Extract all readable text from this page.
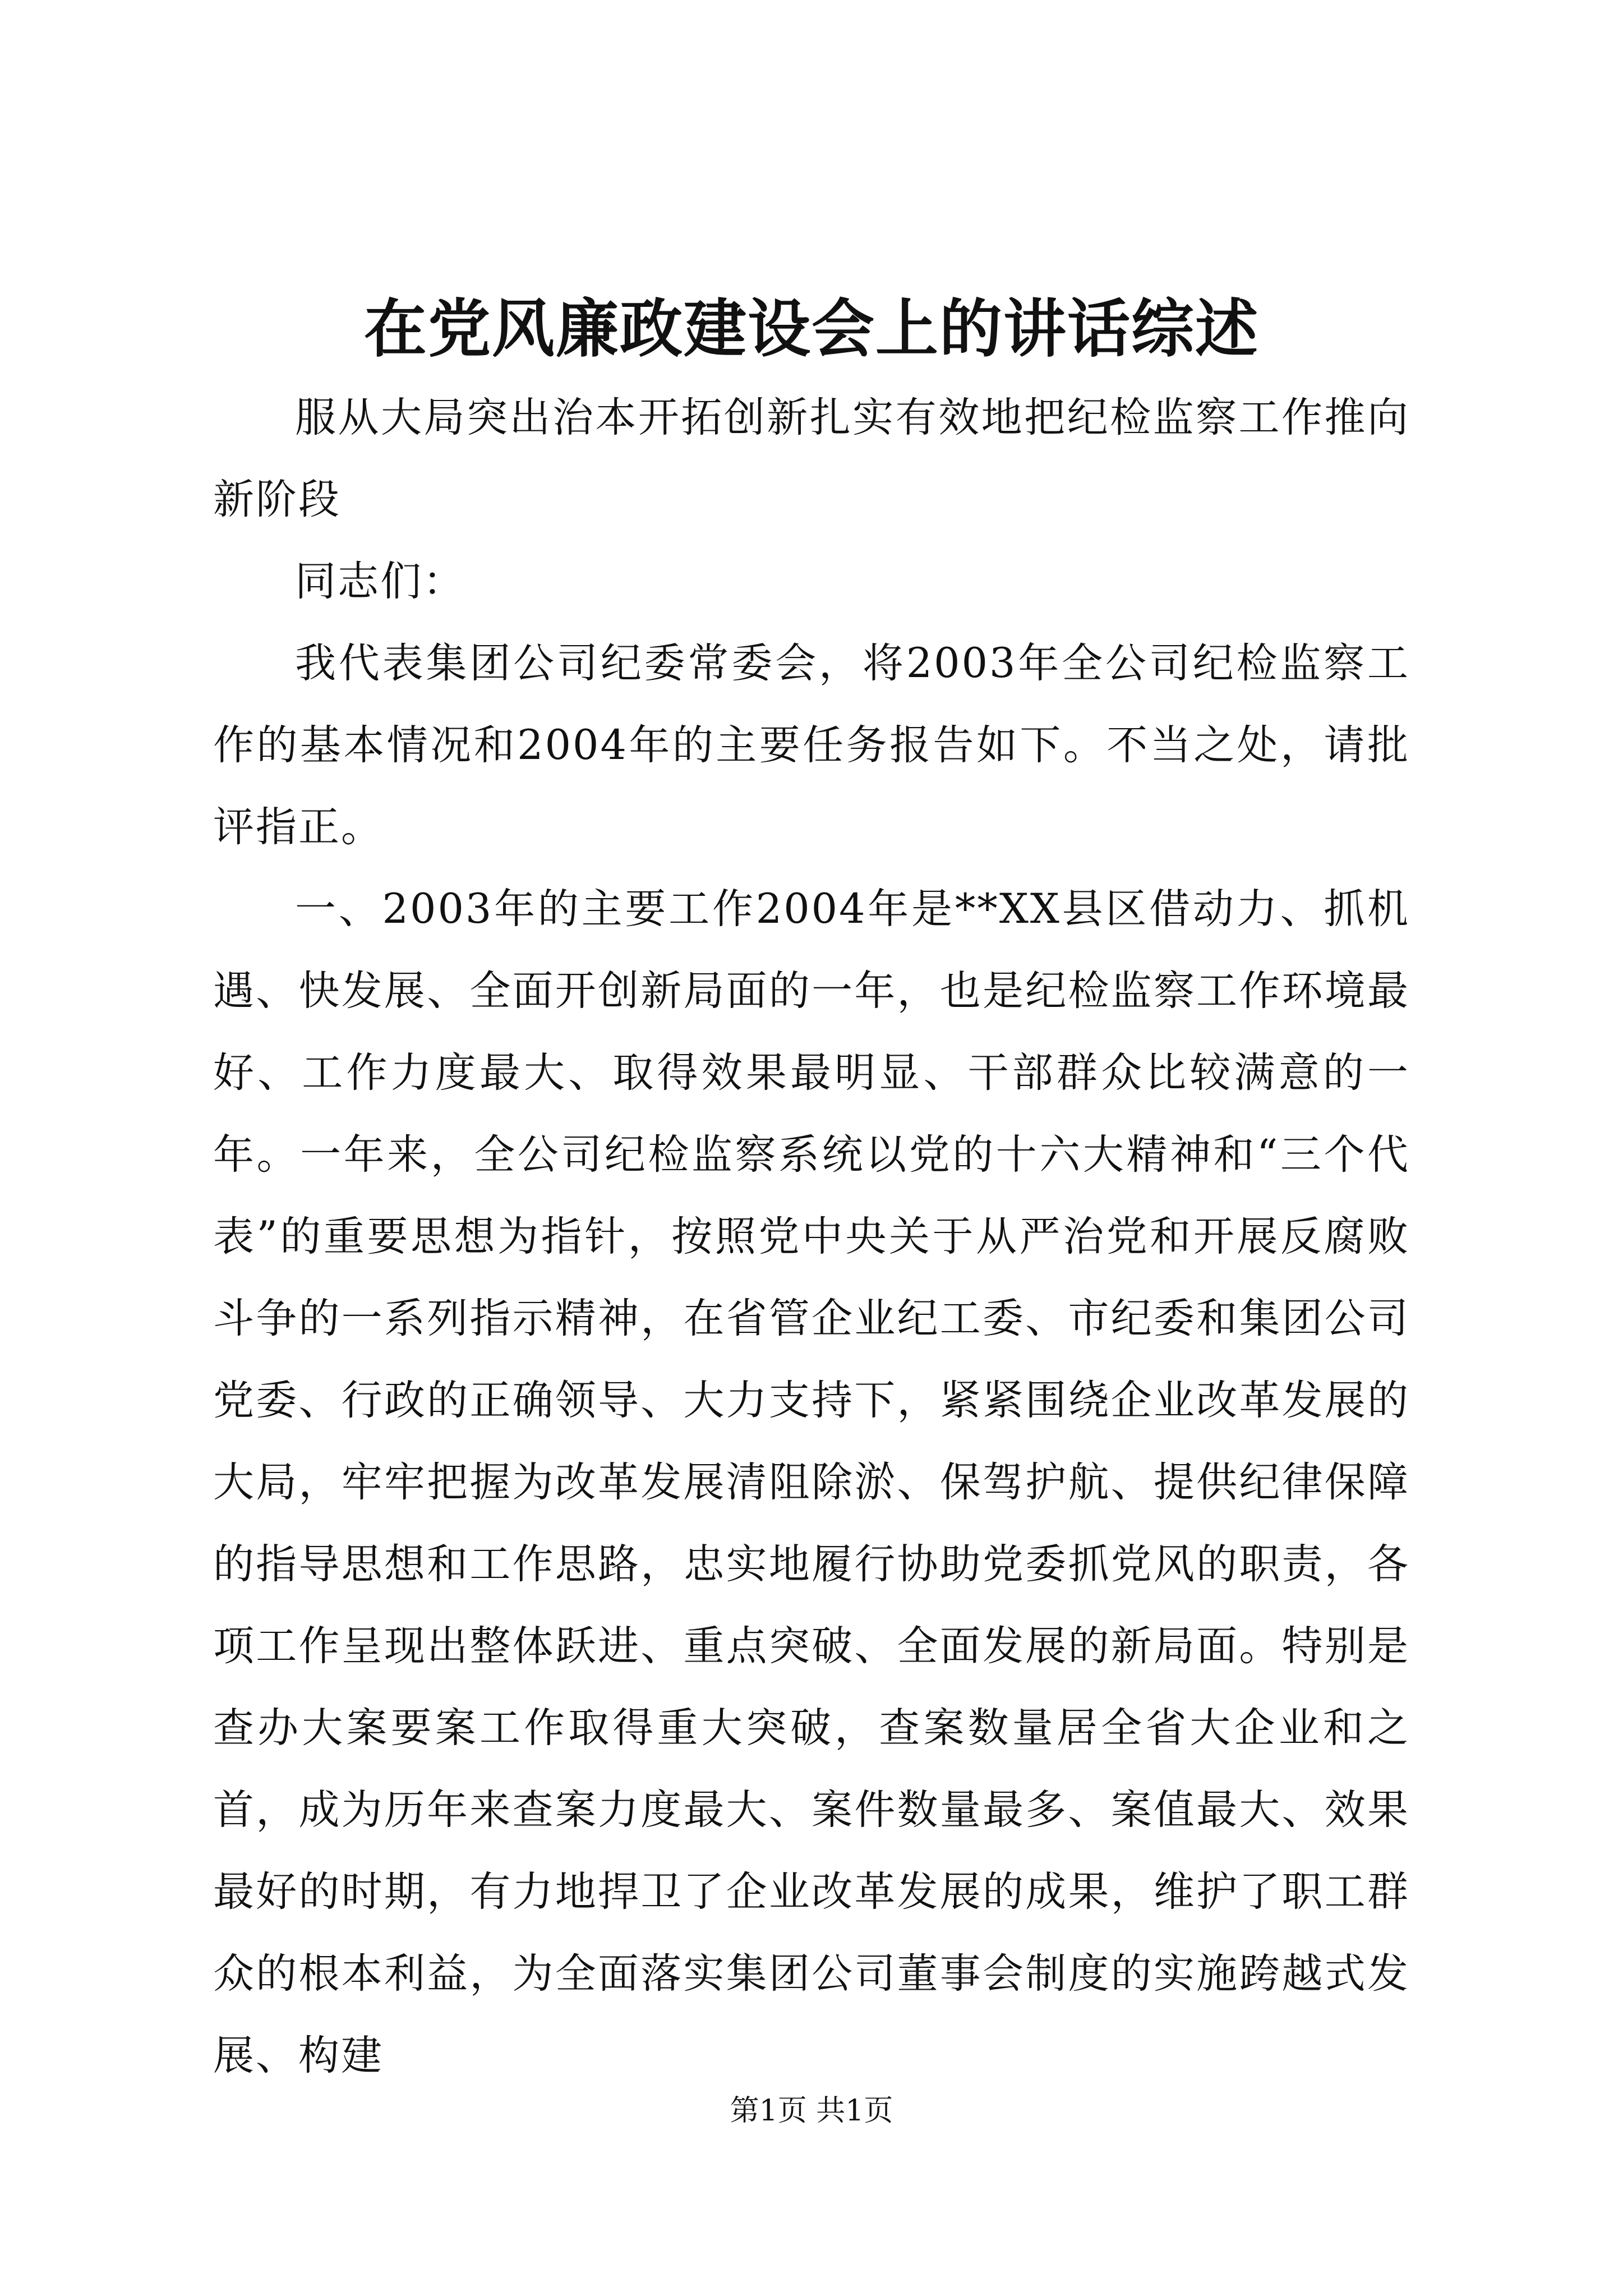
在党风廉政建设会上的讲话综述

服从大局突出治本开拓创新扎实有效地把纪检监察工作推向新阶段

同志们：

我代表集团公司纪委常委会，将2003年全公司纪检监察工作的基本情况和2004年的主要任务报告如下。不当之处，请批评指正。

一、2003年的主要工作2004年是**XX县区借动力、抓机遇、快发展、全面开创新局面的一年，也是纪检监察工作环境最好、工作力度最大、取得效果最明显、干部群众比较满意的一年。一年来，全公司纪检监察系统以党的十六大精神和“三个代表”的重要思想为指针，按照党中央关于从严治党和开展反腐败斗争的一系列指示精神，在省管企业纪工委、市纪委和集团公司党委、行政的正确领导、大力支持下，紧紧围绕企业改革发展的大局，牢牢把握为改革发展清阻除淤、保驾护航、提供纪律保障的指导思想和工作思路，忠实地履行协助党委抓党风的职责，各项工作呈现出整体跃进、重点突破、全面发展的新局面。特别是查办大案要案工作取得重大突破，查案数量居全省大企业和之首，成为历年来查案力度最大、案件数量最多、案值最大、效果最好的时期，有力地捍卫了企业改革发展的成果，维护了职工群众的根本利益，为全面落实集团公司董事会制度的实施跨越式发展、构建

第1页 共1页
